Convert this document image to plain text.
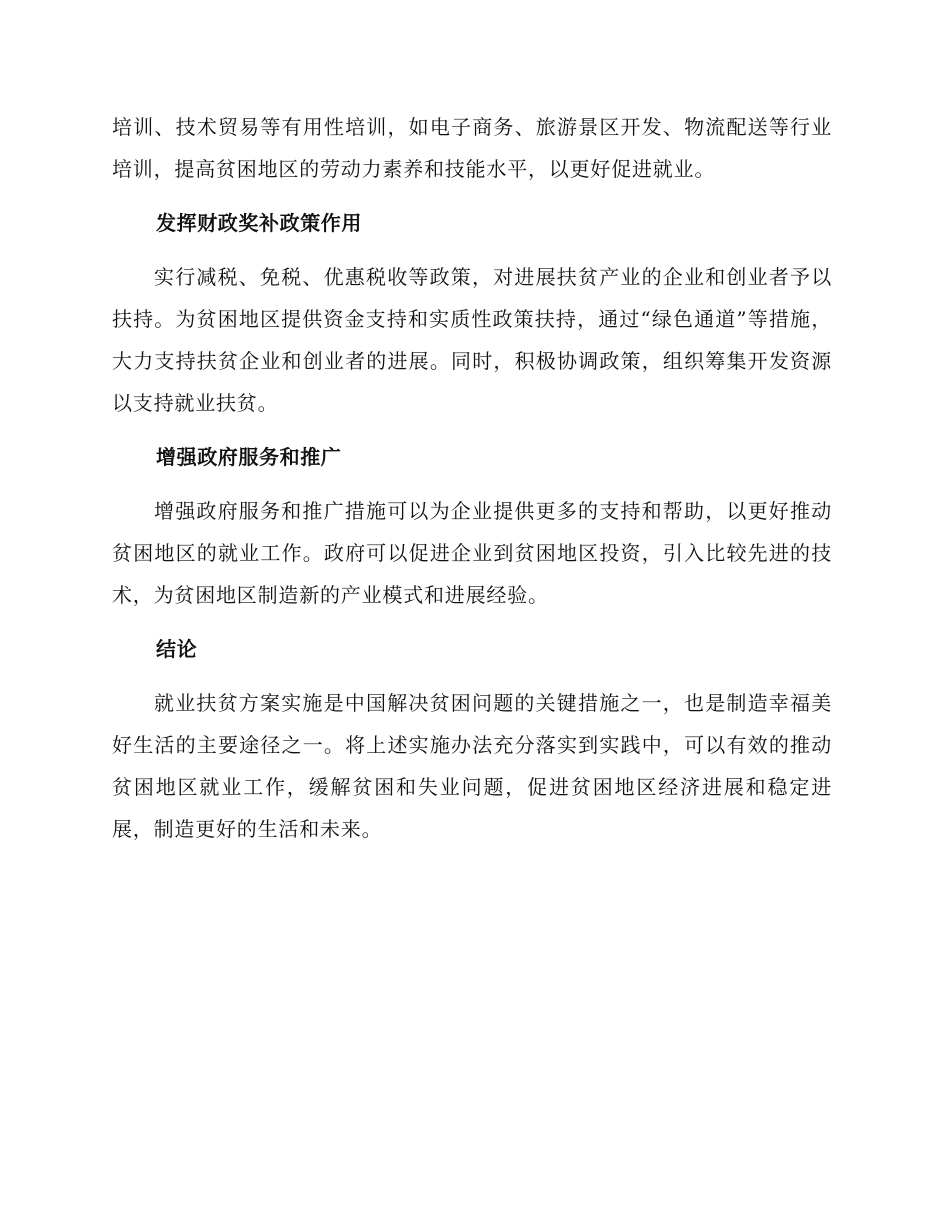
培训、技术贸易等有用性培训，如电子商务、旅游景区开发、物流配送等行业培训，提高贫困地区的劳动力素养和技能水平，以更好促进就业。

发挥财政奖补政策作用

实行减税、免税、优惠税收等政策，对进展扶贫产业的企业和创业者予以扶持。为贫困地区提供资金支持和实质性政策扶持，通过“绿色通道”等措施，大力支持扶贫企业和创业者的进展。同时，积极协调政策，组织筹集开发资源以支持就业扶贫。

增强政府服务和推广

增强政府服务和推广措施可以为企业提供更多的支持和帮助，以更好推动贫困地区的就业工作。政府可以促进企业到贫困地区投资，引入比较先进的技术，为贫困地区制造新的产业模式和进展经验。

结论

就业扶贫方案实施是中国解决贫困问题的关键措施之一，也是制造幸福美好生活的主要途径之一。将上述实施办法充分落实到实践中，可以有效的推动贫困地区就业工作，缓解贫困和失业问题，促进贫困地区经济进展和稳定进展，制造更好的生活和未来。
